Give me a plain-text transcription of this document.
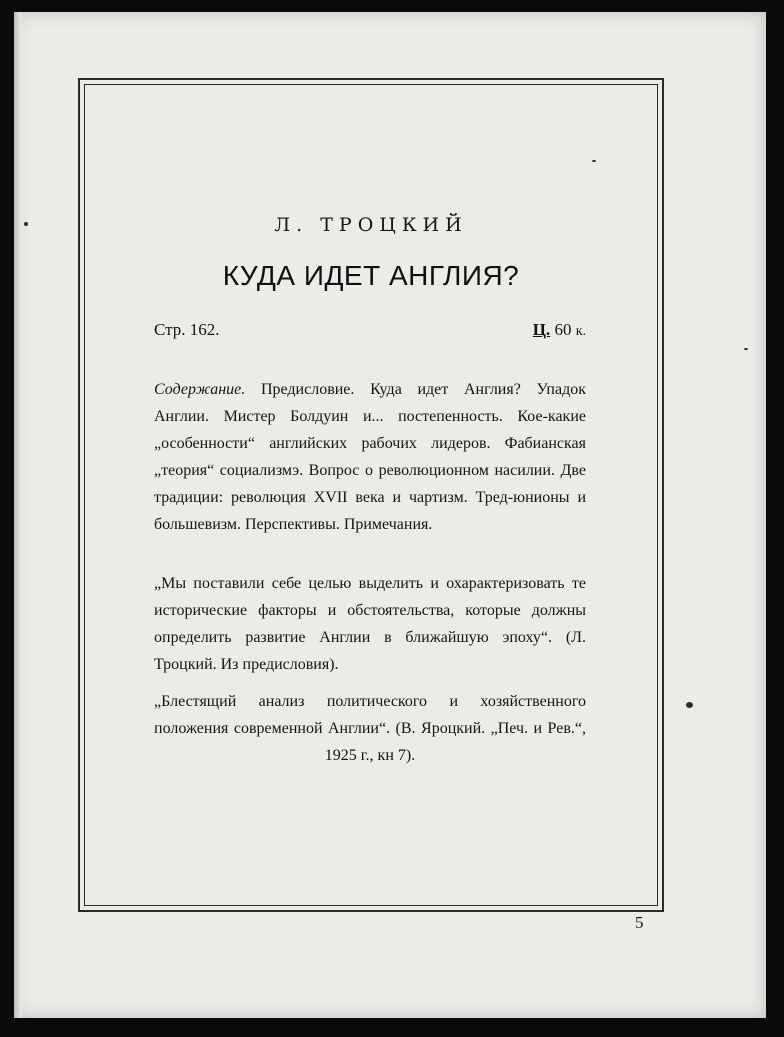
Л. ТРОЦКИЙ
КУДА ИДЕТ АНГЛИЯ?
Стр. 162.	Ц. 60 к.
Содержание. Предисловие. Куда идет Англия? Упадок Англии. Мистер Болдуин и... постепенность. Кое-какие „особенности“ английских рабочих лидеров. Фабианская „теория“ социализмэ. Вопрос о революционном насилии. Две традиции: революция XVII века и чартизм. Тред-юнионы и большевизм. Перспективы. Примечания.
„Мы поставили себе целью выделить и охарактеризовать те исторические факторы и обстоятельства, которые должны определить развитие Англии в ближайшую эпоху“. (Л. Троцкий. Из предисловия).
„Блестящий анализ политического и хозяйственного положения современной Англии“. (В. Яроцкий. „Печ. и Рев.“, 1925 г., кн 7).
5
